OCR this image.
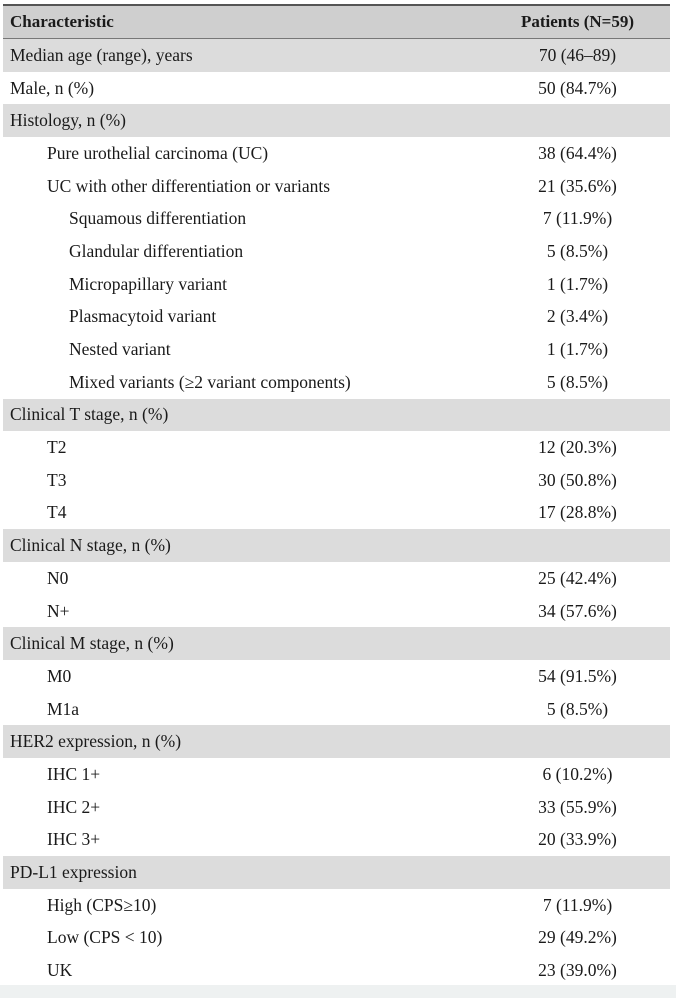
Characteristic	Patients (N=59)
Median age (range), years	70 (46–89)
Male, n (%)	50 (84.7%)
Histology, n (%)	
Pure urothelial carcinoma (UC)	38 (64.4%)
UC with other differentiation or variants	21 (35.6%)
Squamous differentiation	7 (11.9%)
Glandular differentiation	5 (8.5%)
Micropapillary variant	1 (1.7%)
Plasmacytoid variant	2 (3.4%)
Nested variant	1 (1.7%)
Mixed variants (≥2 variant components)	5 (8.5%)
Clinical T stage, n (%)	
T2	12 (20.3%)
T3	30 (50.8%)
T4	17 (28.8%)
Clinical N stage, n (%)	
N0	25 (42.4%)
N+	34 (57.6%)
Clinical M stage, n (%)	
M0	54 (91.5%)
M1a	5 (8.5%)
HER2 expression, n (%)	
IHC 1+	6 (10.2%)
IHC 2+	33 (55.9%)
IHC 3+	20 (33.9%)
PD-L1 expression	
High (CPS≥10)	7 (11.9%)
Low (CPS < 10)	29 (49.2%)
UK	23 (39.0%)
